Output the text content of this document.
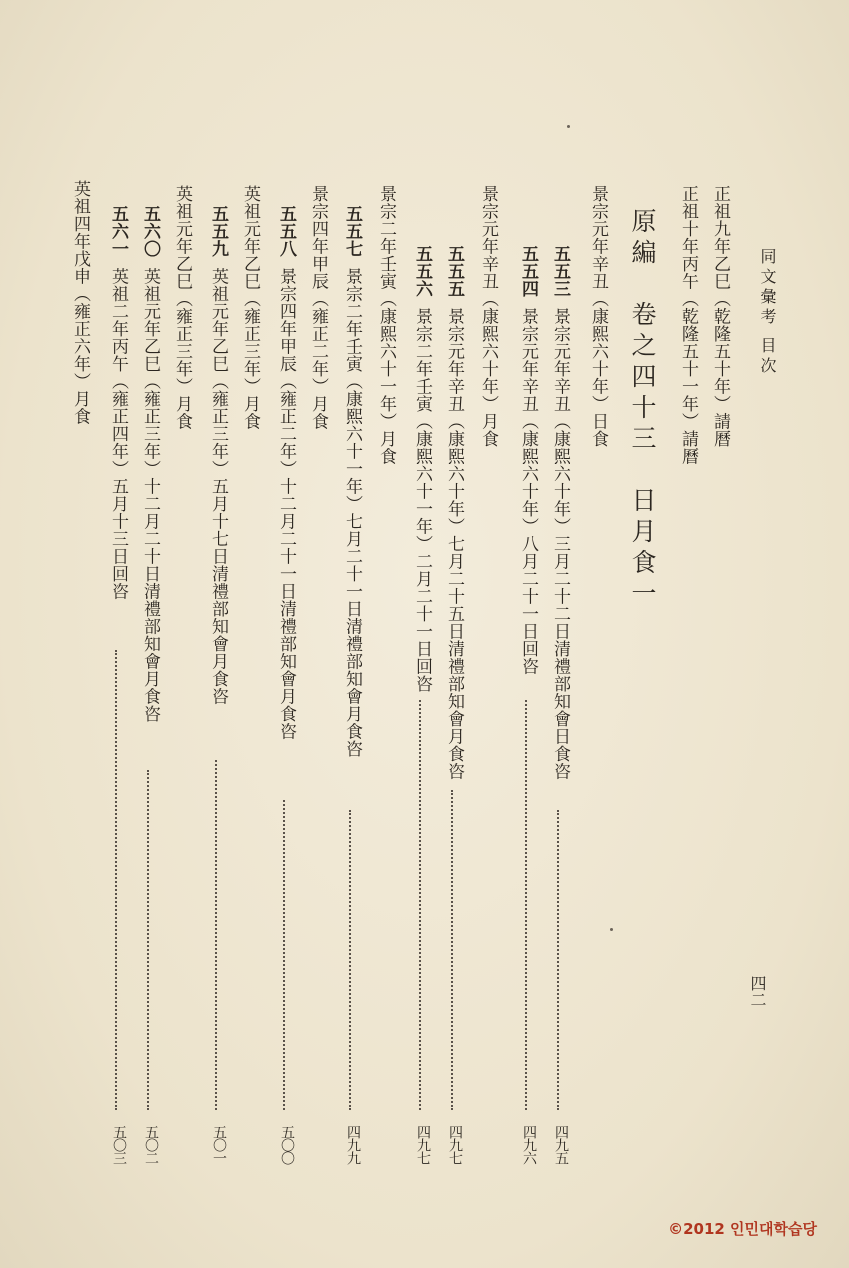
同文彙考 目次
正祖九年乙巳（乾隆五十年）請曆
正祖十年丙午（乾隆五十一年）請曆
原編　卷之四十三　日月食一
景宗元年辛丑（康熙六十年）日食
五五三景宗元年辛丑（康熙六十年）三月二十二日清禮部知會日食咨
四九五
五五四景宗元年辛丑（康熙六十年）八月二十一日回咨
四九六
景宗元年辛丑（康熙六十年）月食
五五五景宗元年辛丑（康熙六十年）七月二十五日清禮部知會月食咨
四九七
五五六景宗二年壬寅（康熙六十一年）二月二十一日回咨
四九七
景宗二年壬寅（康熙六十一年）月食
五五七景宗二年壬寅（康熙六十一年）七月二十一日清禮部知會月食咨
四九九
景宗四年甲辰（雍正二年）月食
五五八景宗四年甲辰（雍正二年）十二月二十一日清禮部知會月食咨
五〇〇
英祖元年乙巳（雍正三年）月食
五五九英祖元年乙巳（雍正三年）五月十七日清禮部知會月食咨
五〇一
英祖元年乙巳（雍正三年）月食
五六〇英祖元年乙巳（雍正三年）十二月二十日清禮部知會月食咨
五〇二
五六一英祖二年丙午（雍正四年）五月十三日回咨
五〇三
英祖四年戊申（雍正六年）月食
四二
©2012 인민대학습당
